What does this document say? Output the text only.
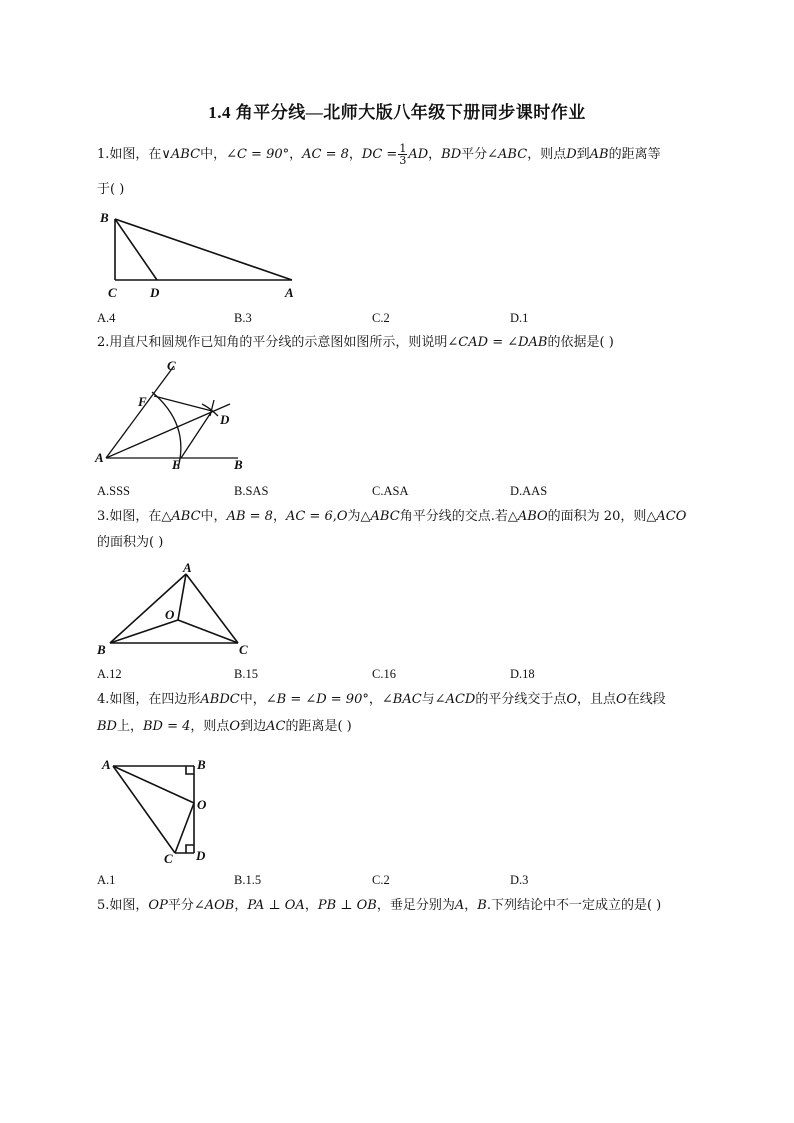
1.4 角平分线—北师大版八年级下册同步课时作业
1.如图，在∨ABC中，∠C = 90°，AC = 8，DC = $\frac{1}{3}$ AD，BD平分∠ABC，则点D到AB的距离等
于( )
B
C	D	A
A.4	B.3	C.2	D.1
2.用直尺和圆规作已知角的平分线的示意图如图所示，则说明∠CAD = ∠DAB的依据是( )
C
F
D
A	E	B
A.SSS	B.SAS	C.ASA	D.AAS
3.如图，在△ABC中，AB = 8，AC = 6,O为△ABC角平分线的交点.若△ABO的面积为 20，则△ACO
的面积为( )
A
O
B	C
A.12	B.15	C.16	D.18
4.如图，在四边形ABDC中，∠B = ∠D = 90°，∠BAC与∠ACD的平分线交于点O，且点O在线段
BD上，BD = 4，则点O到边AC的距离是( )
A	B
O
C D
A.1	B.1.5	C.2	D.3
5.如图，OP平分∠AOB，PA ⊥ OA，PB ⊥ OB，垂足分别为A，B.下列结论中不一定成立的是( )
